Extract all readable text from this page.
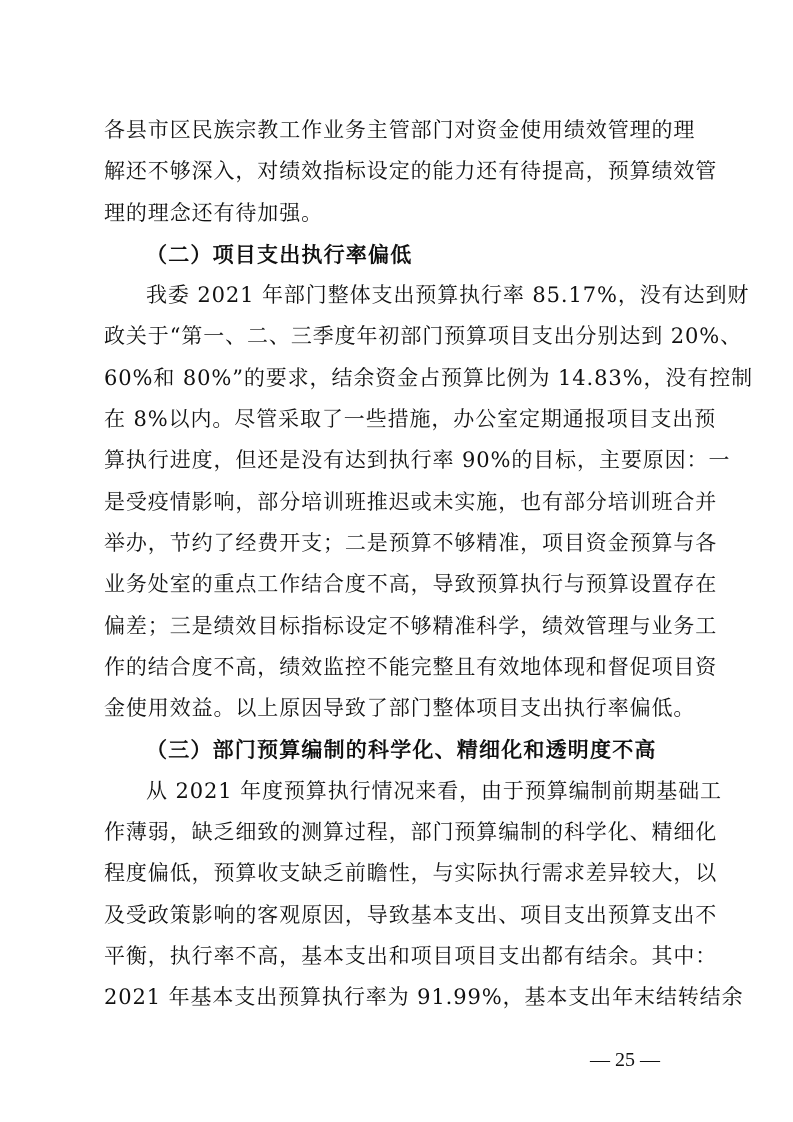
各县市区民族宗教工作业务主管部门对资金使用绩效管理的理
解还不够深入，对绩效指标设定的能力还有待提高，预算绩效管
理的理念还有待加强。
（二）项目支出执行率偏低
我委 2021 年部门整体支出预算执行率 85.17%，没有达到财
政关于“第一、二、三季度年初部门预算项目支出分别达到 20%、
60%和 80%”的要求，结余资金占预算比例为 14.83%，没有控制
在 8%以内。尽管采取了一些措施，办公室定期通报项目支出预
算执行进度，但还是没有达到执行率 90%的目标，主要原因：一
是受疫情影响，部分培训班推迟或未实施，也有部分培训班合并
举办，节约了经费开支；二是预算不够精准，项目资金预算与各
业务处室的重点工作结合度不高，导致预算执行与预算设置存在
偏差；三是绩效目标指标设定不够精准科学，绩效管理与业务工
作的结合度不高，绩效监控不能完整且有效地体现和督促项目资
金使用效益。以上原因导致了部门整体项目支出执行率偏低。
（三）部门预算编制的科学化、精细化和透明度不高
从 2021 年度预算执行情况来看，由于预算编制前期基础工
作薄弱，缺乏细致的测算过程，部门预算编制的科学化、精细化
程度偏低，预算收支缺乏前瞻性，与实际执行需求差异较大，以
及受政策影响的客观原因，导致基本支出、项目支出预算支出不
平衡，执行率不高，基本支出和项目项目支出都有结余。其中：
2021 年基本支出预算执行率为 91.99%，基本支出年末结转结余
— 25 —
